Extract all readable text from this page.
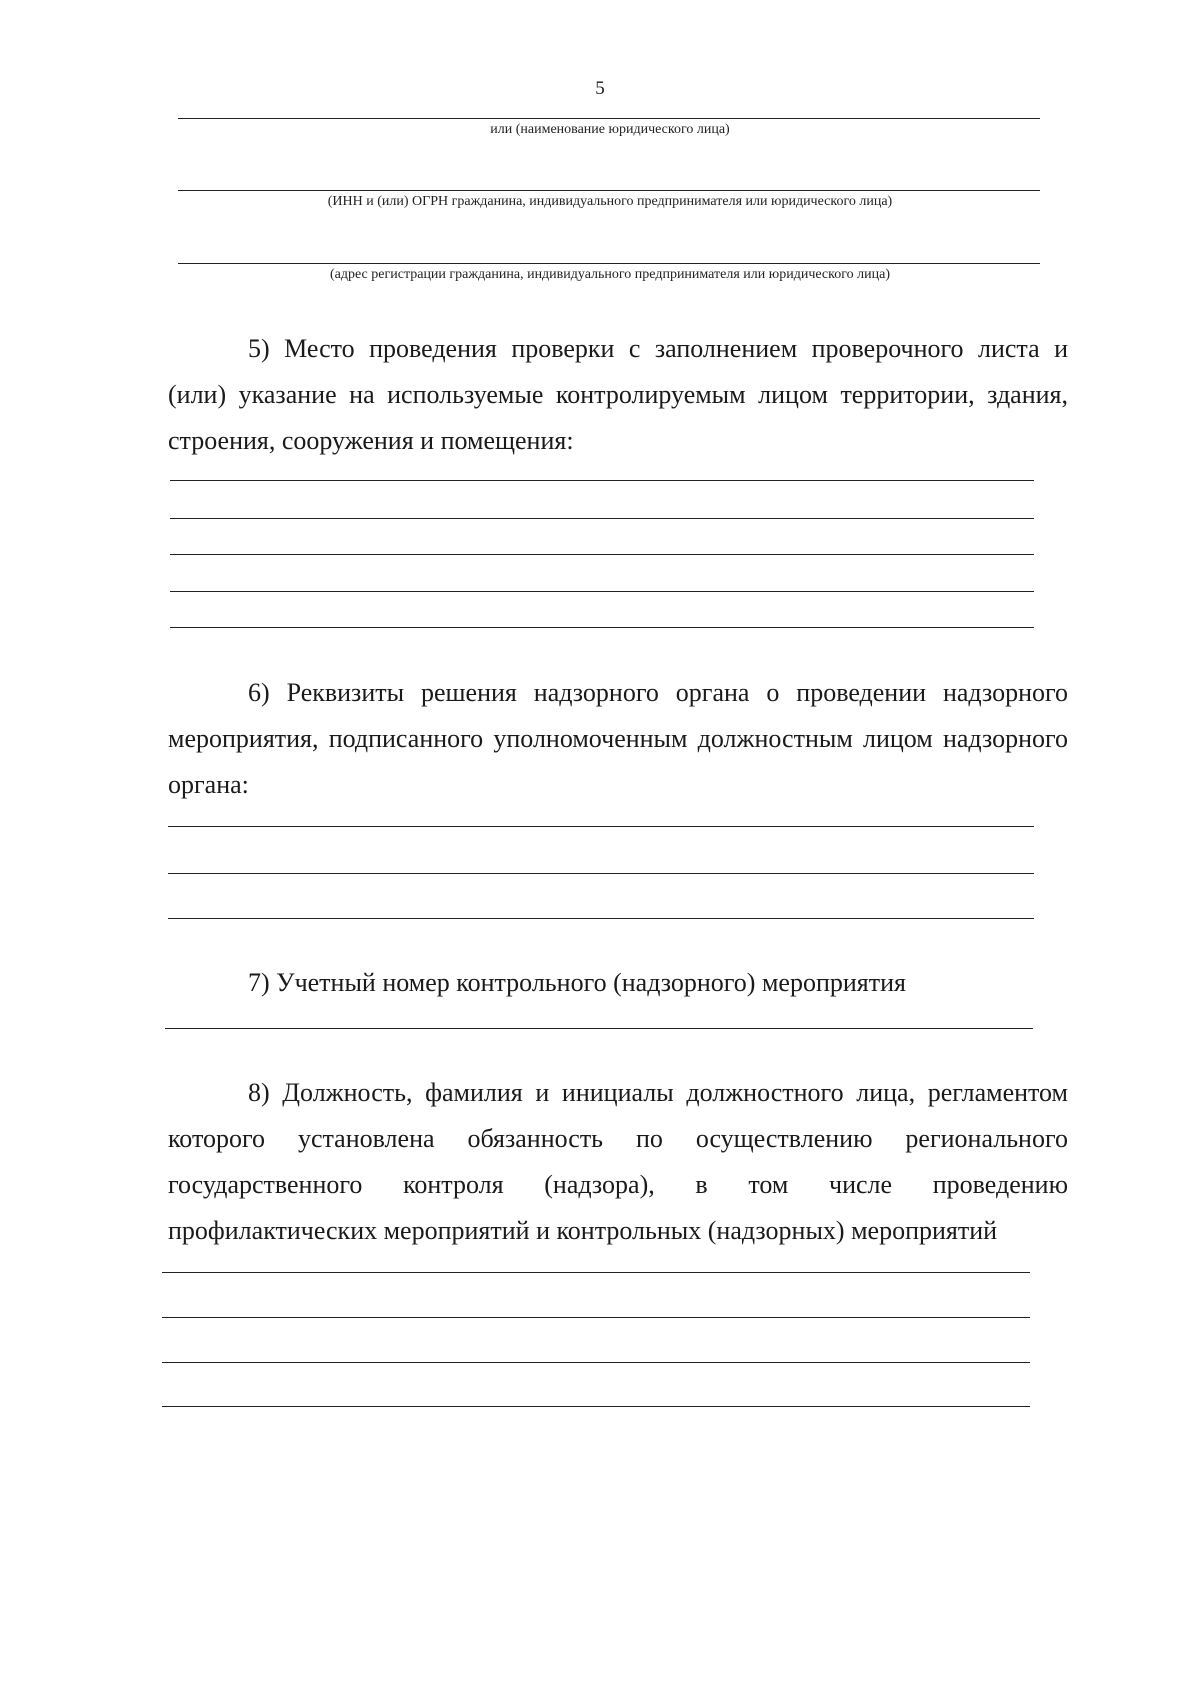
5
или (наименование юридического лица)
(ИНН и (или) ОГРН гражданина, индивидуального предпринимателя или юридического лица)
(адрес регистрации гражданина, индивидуального предпринимателя или юридического лица)
5) Место проведения проверки с заполнением проверочного листа и (или) указание на используемые контролируемым лицом территории, здания, строения, сооружения и помещения:
6) Реквизиты решения надзорного органа о проведении надзорного мероприятия, подписанного уполномоченным должностным лицом надзорного органа:
7) Учетный номер контрольного (надзорного) мероприятия
8) Должность, фамилия и инициалы должностного лица, регламентом которого установлена обязанность по осуществлению регионального государственного контроля (надзора), в том числе проведению профилактических мероприятий и контрольных (надзорных) мероприятий
